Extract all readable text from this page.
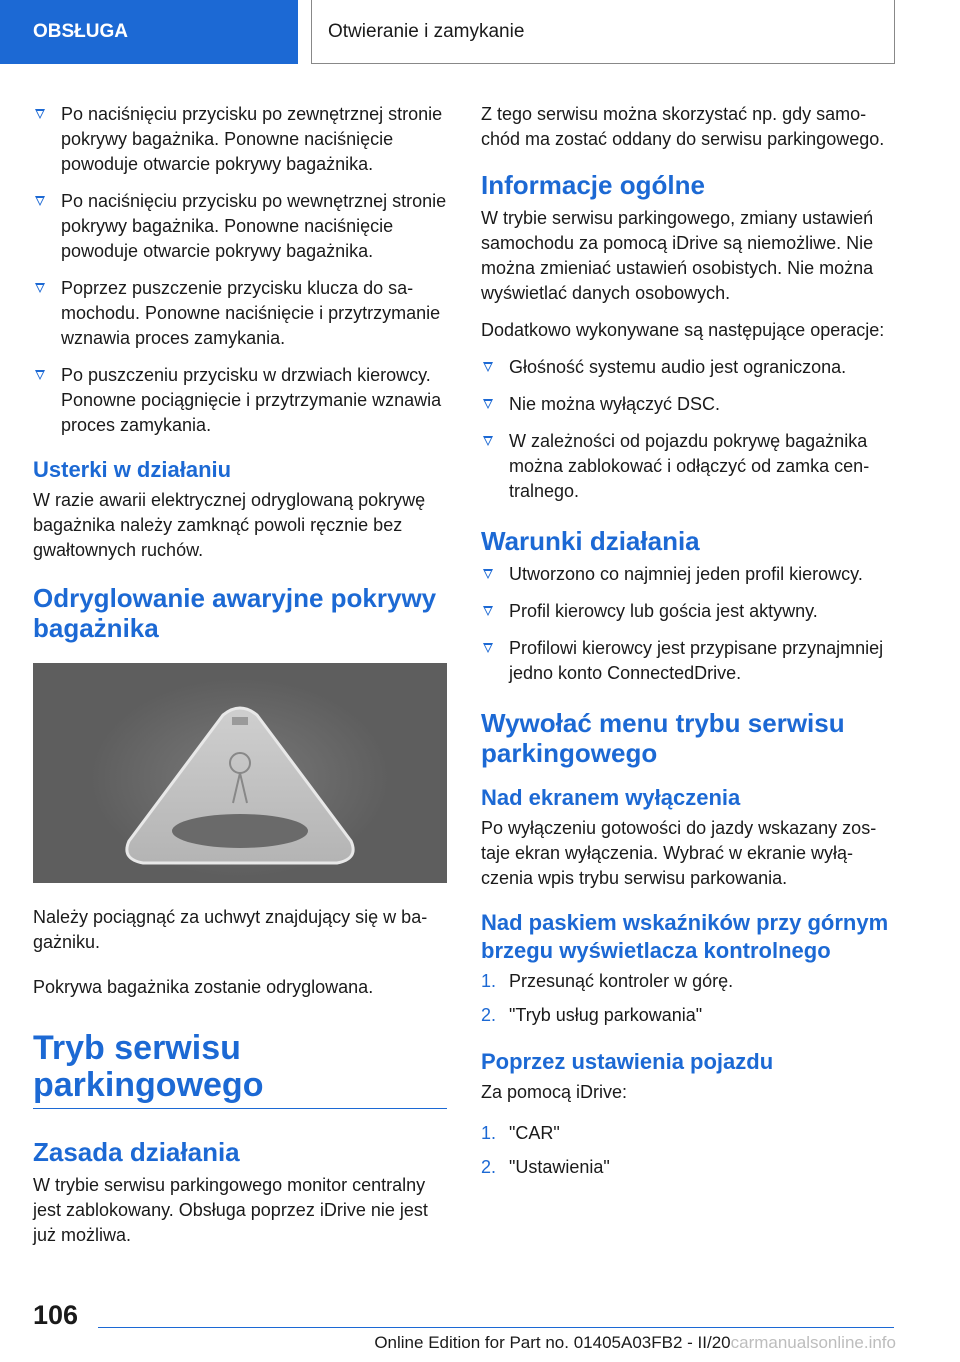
OBSŁUGA	Otwieranie i zamykanie
Po naciśnięciu przycisku po zewnętrznej stronie pokrywy bagażnika. Ponowne naciśnięcie powoduje otwarcie pokrywy bagażnika.
Po naciśnięciu przycisku po wewnętrznej stronie pokrywy bagażnika. Ponowne naciśnięcie powoduje otwarcie pokrywy bagażnika.
Poprzez puszczenie przycisku klucza do samochodu. Ponowne naciśnięcie i przytrzymanie wznawia proces zamykania.
Po puszczeniu przycisku w drzwiach kierowcy. Ponowne pociągnięcie i przytrzymanie wznawia proces zamykania.
Usterki w działaniu

W razie awarii elektrycznej odryglowaną pokrywę bagażnika należy zamknąć powoli ręcznie bez gwałtownych ruchów.

Odryglowanie awaryjne pokrywy bagażnika

Należy pociągnąć za uchwyt znajdujący się w bagażniku.

Pokrywa bagażnika zostanie odryglowana.

Tryb serwisu parkingowego
Zasada działania

W trybie serwisu parkingowego monitor centralny jest zablokowany. Obsługa poprzez iDrive nie jest już możliwa.

Z tego serwisu można skorzystać np. gdy samochód ma zostać oddany do serwisu parkingowego.

Informacje ogólne

W trybie serwisu parkingowego, zmiany ustawień samochodu za pomocą iDrive są niemożliwe. Nie można zmieniać ustawień osobistych. Nie można wyświetlać danych osobowych.

Dodatkowo wykonywane są następujące operacje:

Głośność systemu audio jest ograniczona.
Nie można wyłączyć DSC.
W zależności od pojazdu pokrywę bagażnika można zablokować i odłączyć od zamka centralnego.
Warunki działania
Utworzono co najmniej jeden profil kierowcy.
Profil kierowcy lub gościa jest aktywny.
Profilowi kierowcy jest przypisane przynajmniej jedno konto ConnectedDrive.
Wywołać menu trybu serwisu parkingowego
Nad ekranem wyłączenia

Po wyłączeniu gotowości do jazdy wskazany zostaje ekran wyłączenia. Wybrać w ekranie wyłączenia wpis trybu serwisu parkowania.

Nad paskiem wskaźników przy górnym brzegu wyświetlacza kontrolnego
1. Przesunąć kontroler w górę.
2. "Tryb usług parkowania"
Poprzez ustawienia pojazdu

Za pomocą iDrive:

1. "CAR"
2. "Ustawienia"
106
Online Edition for Part no. 01405A03FB2 - II/20carmanualsonline.info
